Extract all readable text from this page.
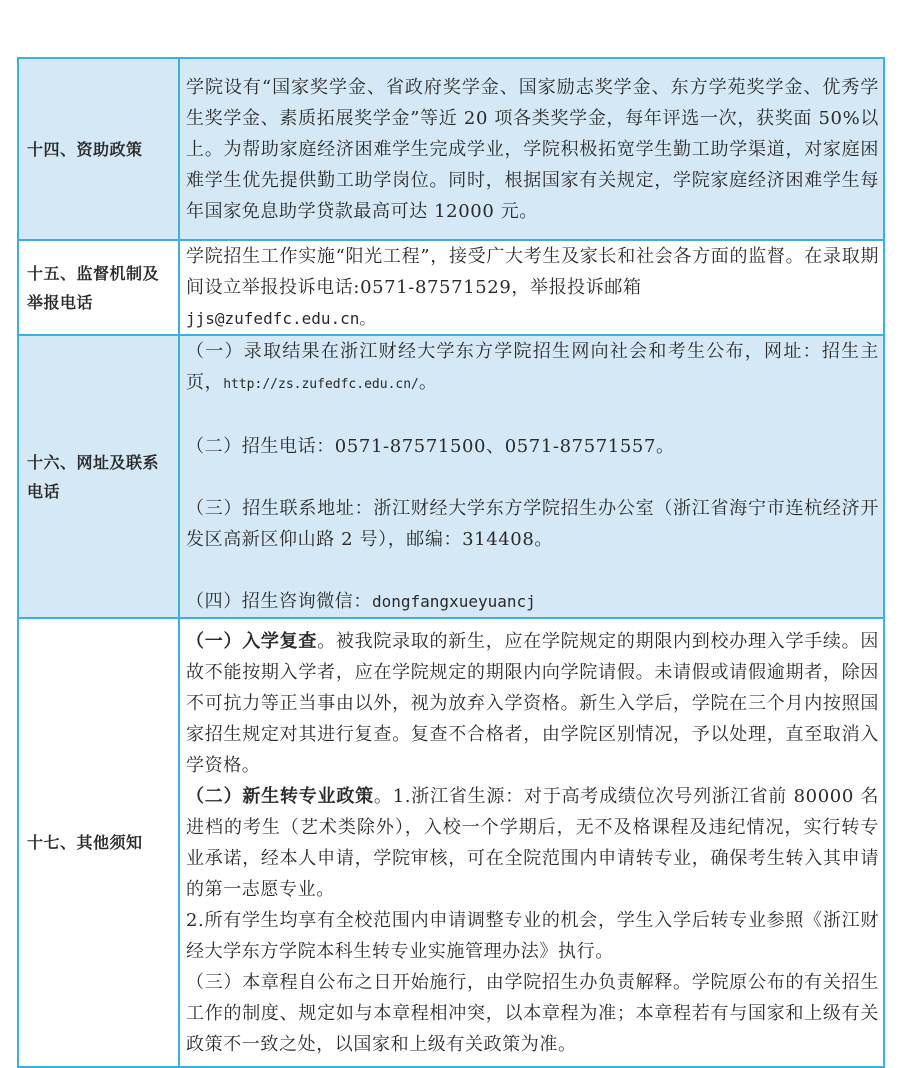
十四、资助政策	学院设有“国家奖学金、省政府奖学金、国家励志奖学金、东方学苑奖学金、优秀学生奖学金、素质拓展奖学金”等近 20 项各类奖学金，每年评选一次，获奖面 50%以上。为帮助家庭经济困难学生完成学业，学院积极拓宽学生勤工助学渠道，对家庭困难学生优先提供勤工助学岗位。同时，根据国家有关规定，学院家庭经济困难学生每年国家免息助学贷款最高可达 12000 元。

十五、监督机制及举报电话	学院招生工作实施“阳光工程”，接受广大考生及家长和社会各方面的监督。在录取期间设立举报投诉电话:0571-87571529，举报投诉邮箱

jjs@zufedfc.edu.cn。

十六、网址及联系电话	（一）录取结果在浙江财经大学东方学院招生网向社会和考生公布，网址：招生主页，http://zs.zufedfc.edu.cn/。

（二）招生电话：0571-87571500、0571-87571557。

（三）招生联系地址：浙江财经大学东方学院招生办公室（浙江省海宁市连杭经济开发区高新区仰山路 2 号），邮编：314408。

（四）招生咨询微信：dongfangxueyuancj

十七、其他须知	（一）入学复查。被我院录取的新生，应在学院规定的期限内到校办理入学手续。因故不能按期入学者，应在学院规定的期限内向学院请假。未请假或请假逾期者，除因不可抗力等正当事由以外，视为放弃入学资格。新生入学后，学院在三个月内按照国家招生规定对其进行复查。复查不合格者，由学院区别情况，予以处理，直至取消入学资格。

（二）新生转专业政策。1.浙江省生源：对于高考成绩位次号列浙江省前 80000 名进档的考生（艺术类除外），入校一个学期后，无不及格课程及违纪情况，实行转专业承诺，经本人申请，学院审核，可在全院范围内申请转专业，确保考生转入其申请的第一志愿专业。

2.所有学生均享有全校范围内申请调整专业的机会，学生入学后转专业参照《浙江财经大学东方学院本科生转专业实施管理办法》执行。

（三）本章程自公布之日开始施行，由学院招生办负责解释。学院原公布的有关招生工作的制度、规定如与本章程相冲突，以本章程为准；本章程若有与国家和上级有关政策不一致之处，以国家和上级有关政策为准。
